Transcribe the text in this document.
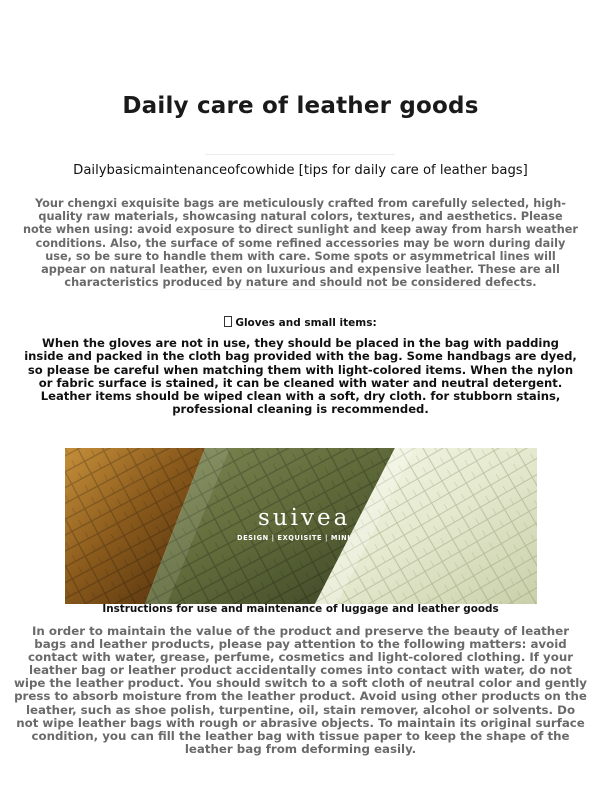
Daily care of leather goods
Dailybasicmaintenanceofcowhide [tips for daily care of leather bags]
Your chengxi exquisite bags are meticulously crafted from carefully selected, high-quality raw materials, showcasing natural colors, textures, and aesthetics. Please note when using: avoid exposure to direct sunlight and keep away from harsh weather conditions. Also, the surface of some refined accessories may be worn during daily use, so be sure to handle them with care. Some spots or asymmetrical lines will appear on natural leather, even on luxurious and expensive leather. These are all characteristics produced by nature and should not be considered defects.
Gloves and small items:
When the gloves are not in use, they should be placed in the bag with padding inside and packed in the cloth bag provided with the bag. Some handbags are dyed, so please be careful when matching them with light-colored items. When the nylon or fabric surface is stained, it can be cleaned with water and neutral detergent. Leather items should be wiped clean with a soft, dry cloth. for stubborn stains, professional cleaning is recommended.
suivea
DESIGN | EXQUISITE | MINI
Instructions for use and maintenance of luggage and leather goods
In order to maintain the value of the product and preserve the beauty of leather bags and leather products, please pay attention to the following matters: avoid contact with water, grease, perfume, cosmetics and light-colored clothing. If your leather bag or leather product accidentally comes into contact with water, do not wipe the leather product. You should switch to a soft cloth of neutral color and gently press to absorb moisture from the leather product. Avoid using other products on the leather, such as shoe polish, turpentine, oil, stain remover, alcohol or solvents. Do not wipe leather bags with rough or abrasive objects. To maintain its original surface condition, you can fill the leather bag with tissue paper to keep the shape of the leather bag from deforming easily.
